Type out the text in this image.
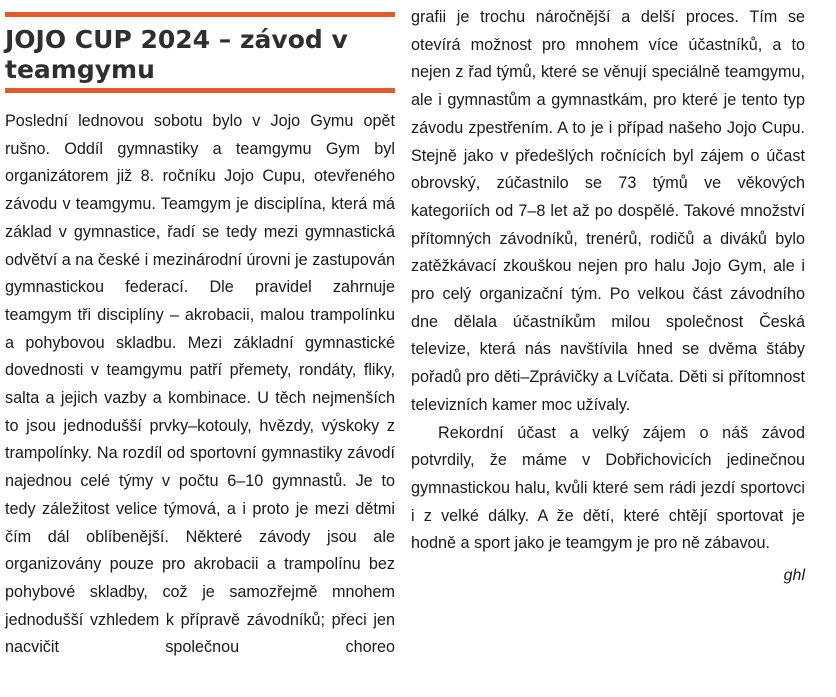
JOJO CUP 2024 – závod v teamgymu

Poslední lednovou sobotu bylo v Jojo Gymu opět rušno. Oddíl gymnastiky a teamgymu Gym byl organizátorem již 8. ročníku Jojo Cupu, otevřeného závodu v teamgymu. Teamgym je disciplína, která má základ v gymnastice, řadí se tedy mezi gymnastická odvětví a na české i mezinárodní úrovni je zastupován gymnastickou federací. Dle pravidel zahrnuje teamgym tři disciplíny – akrobacii, malou trampolínku a pohybovou skladbu. Mezi základní gymnastické dovednosti v teamgymu patří přemety, rondáty, fliky, salta a jejich vazby a kombinace. U těch nejmenších to jsou jednodušší prvky–kotouly, hvězdy, výskoky z trampolínky. Na rozdíl od sportovní gymnastiky závodí najednou celé týmy v počtu 6–10 gymnastů. Je to tedy záležitost velice týmová, a i proto je mezi dětmi čím dál oblíbenější. Některé závody jsou ale organizovány pouze pro akrobacii a trampolínu bez pohybové skladby, což je samozřejmě mnohem jednodušší vzhledem k přípravě závodníků; přeci jen nacvičit společnou choreo

grafii je trochu náročnější a delší proces. Tím se otevírá možnost pro mnohem více účastníků, a to nejen z řad týmů, které se věnují speciálně teamgymu, ale i gymnastům a gymnastkám, pro které je tento typ závodu zpestřením. A to je i případ našeho Jojo Cupu. Stejně jako v předešlých ročnících byl zájem o účast obrovský, zúčastnilo se 73 týmů ve věkových kategoriích od 7–8 let až po dospělé. Takové množství přítomných závodníků, trenérů, rodičů a diváků bylo zatěžkávací zkouškou nejen pro halu Jojo Gym, ale i pro celý organizační tým. Po velkou část závodního dne dělala účastníkům milou společnost Česká televize, která nás navštívila hned se dvěma štáby pořadů pro děti–Zprávičky a Lvíčata. Děti si přítomnost televizních kamer moc užívaly.

Rekordní účast a velký zájem o náš závod potvrdily, že máme v Dobřichovicích jedinečnou gymnastickou halu, kvůli které sem rádi jezdí sportovci i z velké dálky. A že dětí, které chtějí sportovat je hodně a sport jako je teamgym je pro ně zábavou.

ghl
